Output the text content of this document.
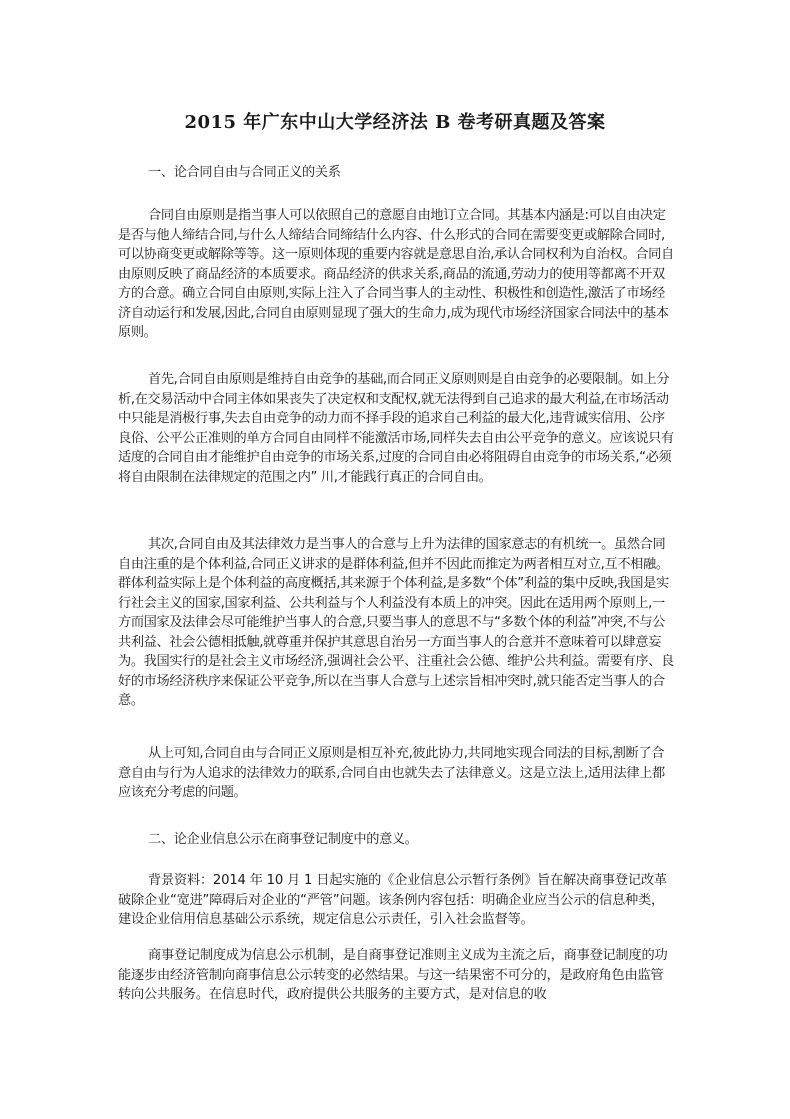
2015 年广东中山大学经济法 B 卷考研真题及答案

一、论合同自由与合同正义的关系

合同自由原则是指当事人可以依照自己的意愿自由地订立合同。其基本内涵是:可以自由决定是否与他人缔结合同,与什么人缔结合同缔结什么内容、什么形式的合同在需要变更或解除合同时,可以协商变更或解除等等。这一原则体现的重要内容就是意思自治,承认合同权利为自治权。合同自由原则反映了商品经济的本质要求。商品经济的供求关系,商品的流通,劳动力的使用等都离不开双方的合意。确立合同自由原则,实际上注入了合同当事人的主动性、积极性和创造性,激活了市场经济自动运行和发展,因此,合同自由原则显现了强大的生命力,成为现代市场经济国家合同法中的基本原则。

首先,合同自由原则是维持自由竞争的基础,而合同正义原则则是自由竞争的必要限制。如上分析,在交易活动中合同主体如果丧失了决定权和支配权,就无法得到自己追求的最大利益,在市场活动中只能是消极行事,失去自由竞争的动力而不择手段的追求自己利益的最大化,违背诚实信用、公序良俗、公平公正准则的单方合同自由同样不能激活市场,同样失去自由公平竞争的意义。应该说只有适度的合同自由才能维护自由竞争的市场关系,过度的合同自由必将阻碍自由竞争的市场关系,“必须将自由限制在法律规定的范围之内” 川,才能践行真正的合同自由。

其次,合同自由及其法律效力是当事人的合意与上升为法律的国家意志的有机统一。虽然合同自由注重的是个体利益,合同正义讲求的是群体利益,但并不因此而推定为两者相互对立,互不相融。群体利益实际上是个体利益的高度概括,其来源于个体利益,是多数“个体”利益的集中反映,我国是实行社会主义的国家,国家利益、公共利益与个人利益没有本质上的冲突。因此在适用两个原则上,一方而国家及法律会尽可能维护当事人的合意,只要当事人的意思不与“多数个体的利益”冲突,不与公共利益、社会公德相抵触,就尊重并保护其意思自治另一方面当事人的合意并不意味着可以肆意妄为。我国实行的是社会主义市场经济,强调社会公平、注重社会公德、维护公共利益。需要有序、良好的市场经济秩序来保证公平竞争,所以在当事人合意与上述宗旨相冲突时,就只能否定当事人的合意。

从上可知,合同自由与合同正义原则是相互补充,彼此协力,共同地实现合同法的目标,割断了合意自由与行为人追求的法律效力的联系,合同自由也就失去了法律意义。这是立法上,适用法律上都应该充分考虑的问题。

二、论企业信息公示在商事登记制度中的意义。

背景资料：2014 年 10 月 1 日起实施的《企业信息公示暂行条例》旨在解决商事登记改革破除企业“宽进”障碍后对企业的“严管”问题。该条例内容包括：明确企业应当公示的信息种类，建设企业信用信息基础公示系统，规定信息公示责任，引入社会监督等。

商事登记制度成为信息公示机制，是自商事登记准则主义成为主流之后，商事登记制度的功能逐步由经济管制向商事信息公示转变的必然结果。与这一结果密不可分的，是政府角色由监管转向公共服务。在信息时代，政府提供公共服务的主要方式，是对信息的收
